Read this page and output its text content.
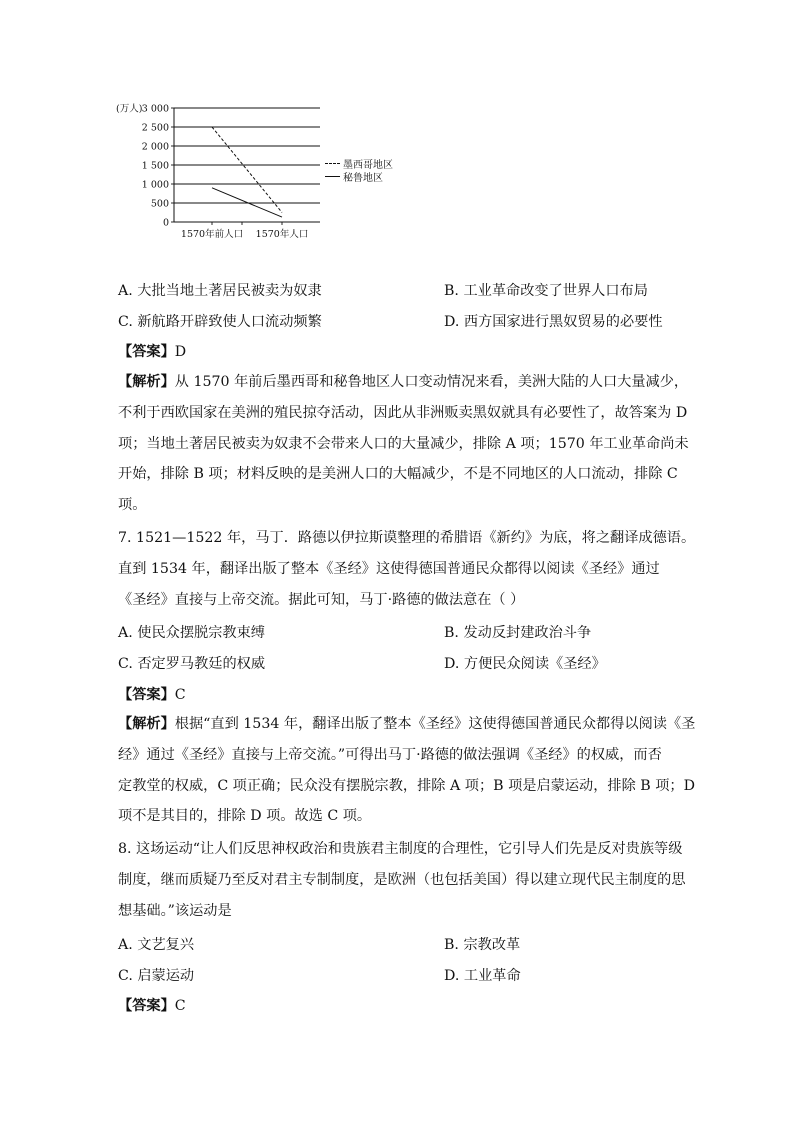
3 000
2 500
2 000
1 500
1 000
500
0
(万人)
1570年前人口 1570年人口
墨西哥地区
秘鲁地区
A. 大批当地土著居民被卖为奴隶	B. 工业革命改变了世界人口布局
C. 新航路开辟致使人口流动频繁	D. 西方国家进行黑奴贸易的必要性
【答案】D
【解析】从 1570 年前后墨西哥和秘鲁地区人口变动情况来看，美洲大陆的人口大量减少，
不利于西欧国家在美洲的殖民掠夺活动，因此从非洲贩卖黑奴就具有必要性了，故答案为 D
项；当地土著居民被卖为奴隶不会带来人口的大量减少，排除 A 项；1570 年工业革命尚未
开始，排除 B 项；材料反映的是美洲人口的大幅减少，不是不同地区的人口流动，排除 C
项。
7. 1521—1522 年，马丁．路德以伊拉斯谟整理的希腊语《新约》为底，将之翻译成德语。
直到 1534 年，翻译出版了整本《圣经》这使得德国普通民众都得以阅读《圣经》通过
《圣经》直接与上帝交流。据此可知，马丁·路德的做法意在（ ）
A. 使民众摆脱宗教束缚	B. 发动反封建政治斗争
C. 否定罗马教廷的权威	D. 方便民众阅读《圣经》
【答案】C
【解析】根据“直到 1534 年，翻译出版了整本《圣经》这使得德国普通民众都得以阅读《圣
经》通过《圣经》直接与上帝交流。”可得出马丁·路德的做法强调《圣经》的权威，而否
定教堂的权威，C 项正确；民众没有摆脱宗教，排除 A 项；B 项是启蒙运动，排除 B 项；D
项不是其目的，排除 D 项。故选 C 项。
8. 这场运动“让人们反思神权政治和贵族君主制度的合理性，它引导人们先是反对贵族等级
制度，继而质疑乃至反对君主专制制度，是欧洲（也包括美国）得以建立现代民主制度的思
想基础。”该运动是
A. 文艺复兴	B. 宗教改革
C. 启蒙运动	D. 工业革命
【答案】C
